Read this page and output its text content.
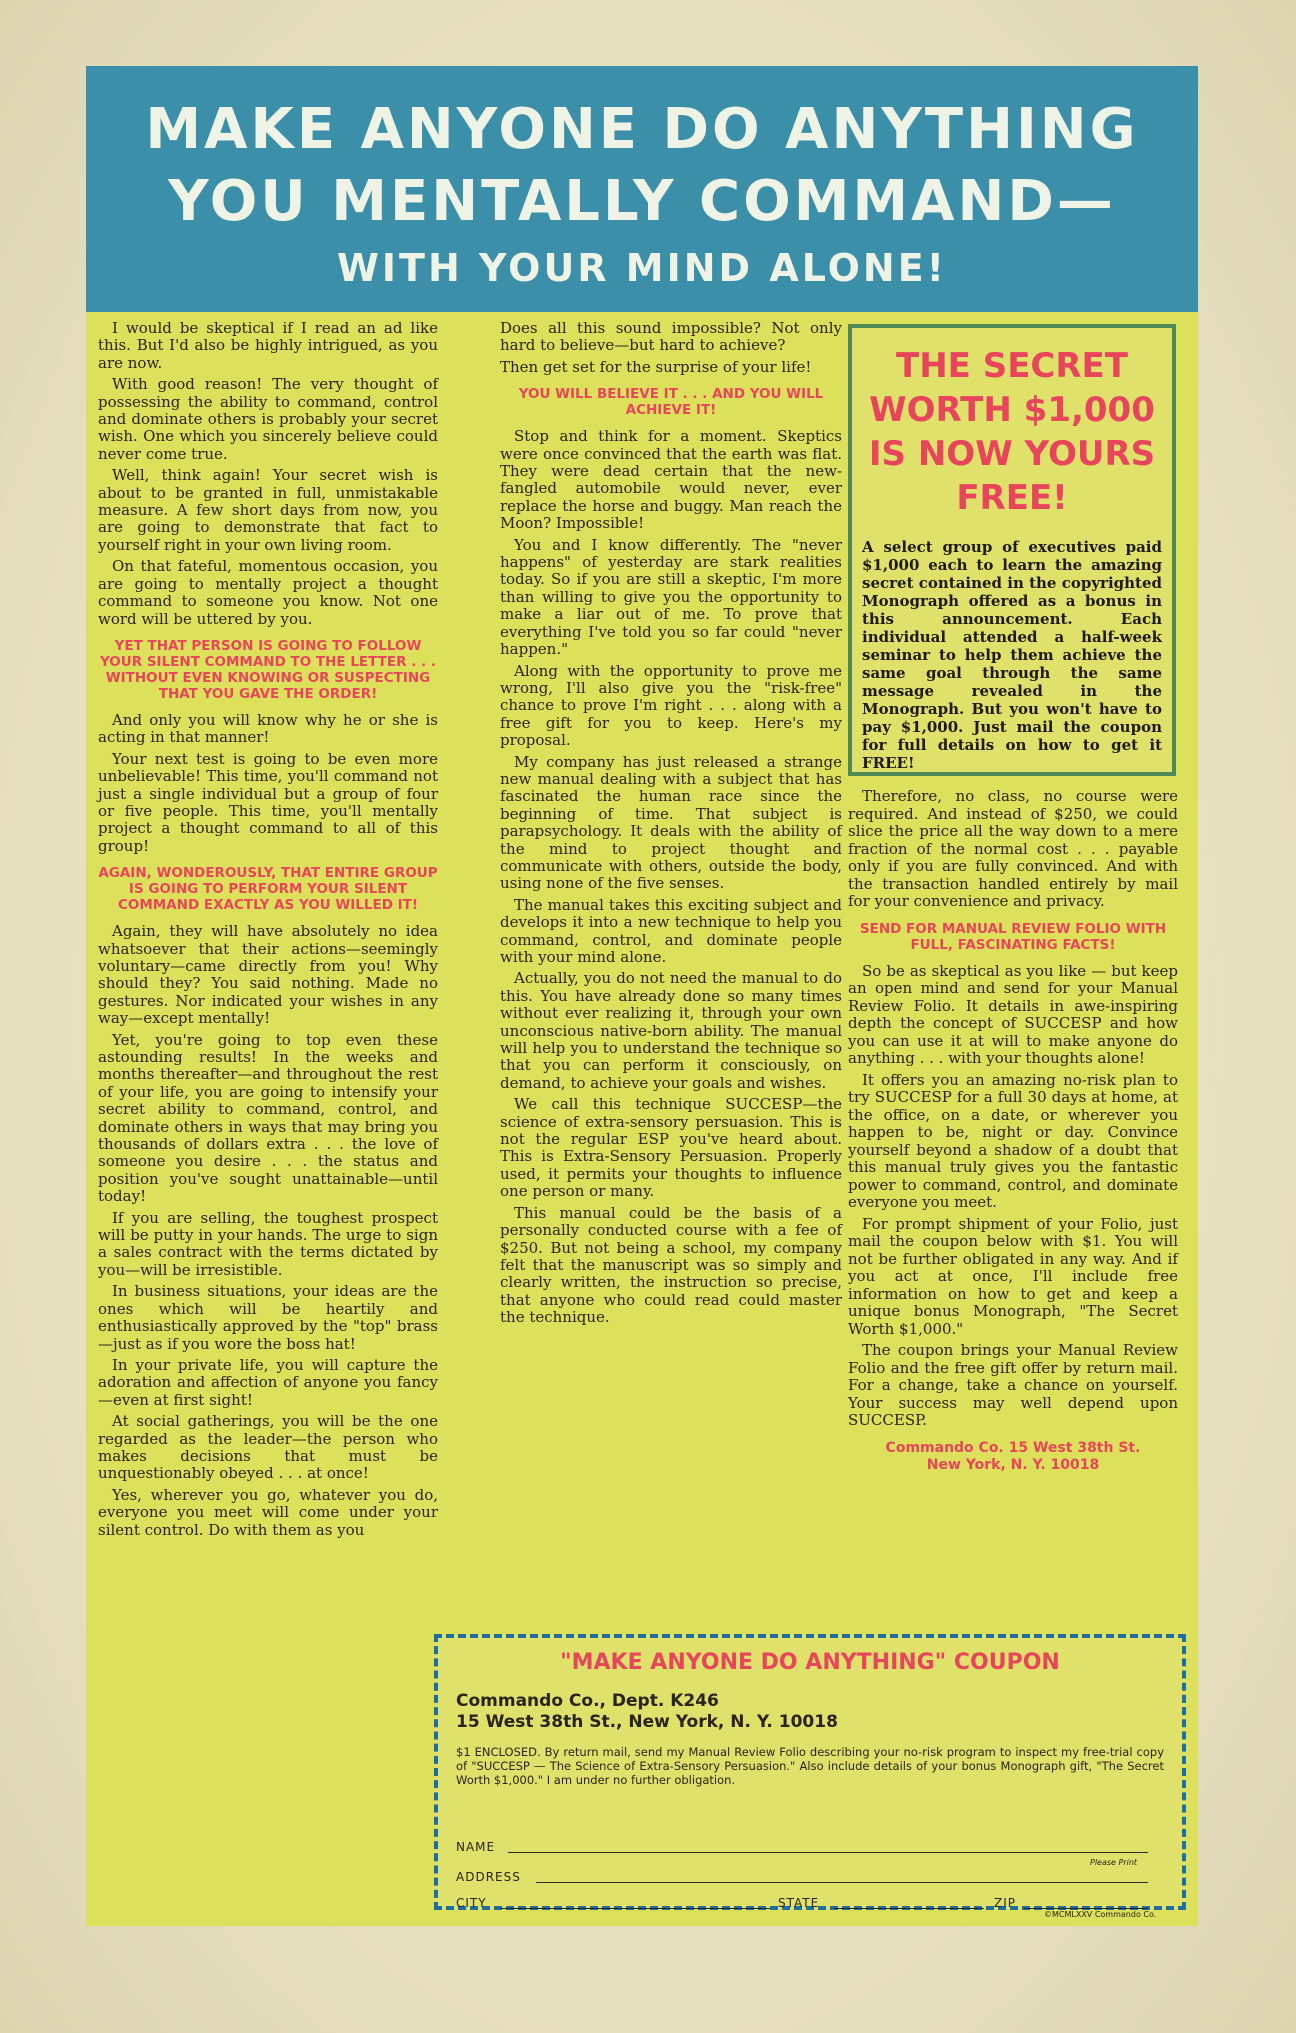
MAKE ANYONE DO ANYTHING
YOU MENTALLY COMMAND—
WITH YOUR MIND ALONE!

I would be skeptical if I read an ad like this. But I'd also be highly intrigued, as you are now.

With good reason! The very thought of possessing the ability to command, control and dominate others is probably your secret wish. One which you sincerely believe could never come true.

Well, think again! Your secret wish is about to be granted in full, unmistakable measure. A few short days from now, you are going to demonstrate that fact to yourself right in your own living room.

On that fateful, momentous occasion, you are going to mentally project a thought command to someone you know. Not one word will be uttered by you.

YET THAT PERSON IS GOING TO FOLLOW YOUR SILENT COMMAND TO THE LETTER . . . WITHOUT EVEN KNOWING OR SUSPECTING THAT YOU GAVE THE ORDER!

And only you will know why he or she is acting in that manner!

Your next test is going to be even more unbelievable! This time, you'll command not just a single individual but a group of four or five people. This time, you'll mentally project a thought command to all of this group!

AGAIN, WONDEROUSLY, THAT ENTIRE GROUP IS GOING TO PERFORM YOUR SILENT COMMAND EXACTLY AS YOU WILLED IT!

Again, they will have absolutely no idea whatsoever that their actions—seemingly voluntary—came directly from you! Why should they? You said nothing. Made no gestures. Nor indicated your wishes in any way—except mentally!

Yet, you're going to top even these astounding results! In the weeks and months thereafter—and throughout the rest of your life, you are going to intensify your secret ability to command, control, and dominate others in ways that may bring you thousands of dollars extra . . . the love of someone you desire . . . the status and position you've sought unattainable—until today!

If you are selling, the toughest prospect will be putty in your hands. The urge to sign a sales contract with the terms dictated by you—will be irresistible.

In business situations, your ideas are the ones which will be heartily and enthusiastically approved by the "top" brass—just as if you wore the boss hat!

In your private life, you will capture the adoration and affection of anyone you fancy—even at first sight!

At social gatherings, you will be the one regarded as the leader—the person who makes decisions that must be unquestionably obeyed . . . at once!

Yes, wherever you go, whatever you do, everyone you meet will come under your silent control. Do with them as you

Does all this sound impossible? Not only hard to believe—but hard to achieve?

Then get set for the surprise of your life!

YOU WILL BELIEVE IT . . . AND YOU WILL ACHIEVE IT!

Stop and think for a moment. Skeptics were once convinced that the earth was flat. They were dead certain that the new-fangled automobile would never, ever replace the horse and buggy. Man reach the Moon? Impossible!

You and I know differently. The "never happens" of yesterday are stark realities today. So if you are still a skeptic, I'm more than willing to give you the opportunity to make a liar out of me. To prove that everything I've told you so far could "never happen."

Along with the opportunity to prove me wrong, I'll also give you the "risk-free" chance to prove I'm right . . . along with a free gift for you to keep. Here's my proposal.

My company has just released a strange new manual dealing with a subject that has fascinated the human race since the beginning of time. That subject is parapsychology. It deals with the ability of the mind to project thought and communicate with others, outside the body, using none of the five senses.

The manual takes this exciting subject and develops it into a new technique to help you command, control, and dominate people with your mind alone.

Actually, you do not need the manual to do this. You have already done so many times without ever realizing it, through your own unconscious native-born ability. The manual will help you to understand the technique so that you can perform it consciously, on demand, to achieve your goals and wishes.

We call this technique SUCCESP—the science of extra-sensory persuasion. This is not the regular ESP you've heard about. This is Extra-Sensory Persuasion. Properly used, it permits your thoughts to influence one person or many.

This manual could be the basis of a personally conducted course with a fee of $250. But not being a school, my company felt that the manuscript was so simply and clearly written, the instruction so precise, that anyone who could read could master the technique.

THE SECRET
WORTH $1,000
IS NOW YOURS
FREE!
A select group of executives paid $1,000 each to learn the amazing secret contained in the copyrighted Monograph offered as a bonus in this announcement. Each individual attended a half-week seminar to help them achieve the same goal through the same message revealed in the Monograph. But you won't have to pay $1,000. Just mail the coupon for full details on how to get it FREE!

Therefore, no class, no course were required. And instead of $250, we could slice the price all the way down to a mere fraction of the normal cost . . . payable only if you are fully convinced. And with the transaction handled entirely by mail for your convenience and privacy.

SEND FOR MANUAL REVIEW FOLIO WITH FULL, FASCINATING FACTS!

So be as skeptical as you like — but keep an open mind and send for your Manual Review Folio. It details in awe-inspiring depth the concept of SUCCESP and how you can use it at will to make anyone do anything . . . with your thoughts alone!

It offers you an amazing no-risk plan to try SUCCESP for a full 30 days at home, at the office, on a date, or wherever you happen to be, night or day. Convince yourself beyond a shadow of a doubt that this manual truly gives you the fantastic power to command, control, and dominate everyone you meet.

For prompt shipment of your Folio, just mail the coupon below with $1. You will not be further obligated in any way. And if you act at once, I'll include free information on how to get and keep a unique bonus Monograph, "The Secret Worth $1,000."

The coupon brings your Manual Review Folio and the free gift offer by return mail. For a change, take a chance on yourself. Your success may well depend upon SUCCESP.

Commando Co. 15 West 38th St.
New York, N. Y. 10018

"MAKE ANYONE DO ANYTHING" COUPON
Commando Co., Dept. K246
15 West 38th St., New York, N. Y. 10018
$1 ENCLOSED. By return mail, send my Manual Review Folio describing your no-risk program to inspect my free-trial copy of "SUCCESP — The Science of Extra-Sensory Persuasion." Also include details of your bonus Monograph gift, "The Secret Worth $1,000." I am under no further obligation.
NAME
Please Print
ADDRESS
CITY	STATE	ZIP
©MCMLXXV Commando Co.
